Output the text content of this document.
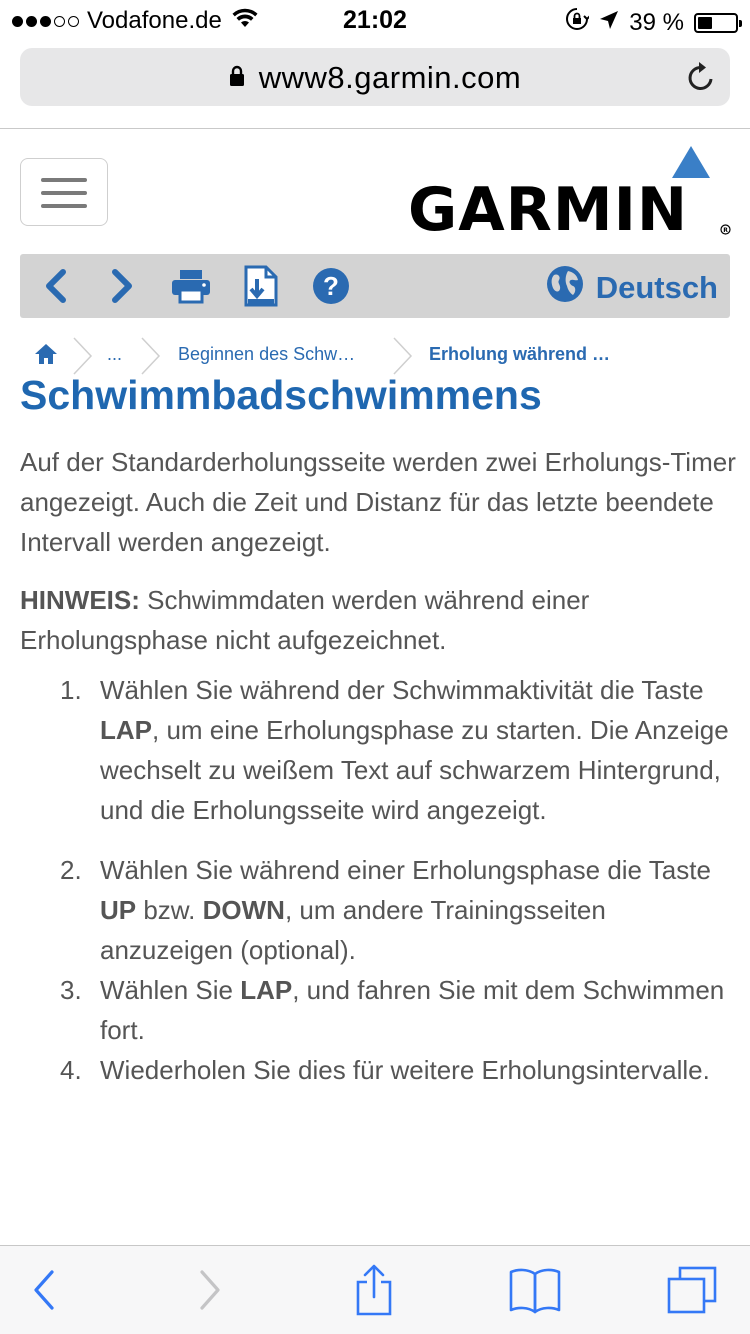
Vodafone.de	21:02	39 %
www8.garmin.com
GARMIN	R
?	Deutsch
...	Beginnen des Schw…	Erholung während …
Schwimmbadschwimmens

Auf der Standarderholungsseite werden zwei Erholungs-Timer angezeigt. Auch die Zeit und Distanz für das letzte beendete Intervall werden angezeigt.

HINWEIS: Schwimmdaten werden während einer Erholungsphase nicht aufgezeichnet.

1. Wählen Sie während der Schwimmaktivität die Taste LAP, um eine Erholungsphase zu starten. Die Anzeige wechselt zu weißem Text auf schwarzem Hintergrund, und die Erholungsseite wird angezeigt.
2. Wählen Sie während einer Erholungsphase die Taste UP bzw. DOWN, um andere Trainingsseiten anzuzeigen (optional).
3. Wählen Sie LAP, und fahren Sie mit dem Schwimmen fort.
4. Wiederholen Sie dies für weitere Erholungsintervalle.
